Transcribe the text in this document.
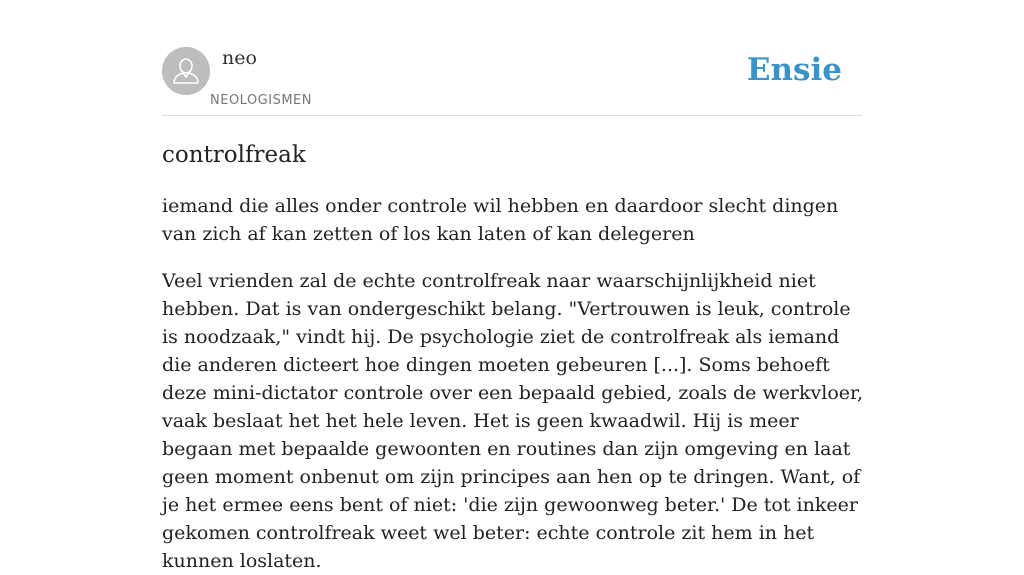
neo
NEOLOGISMEN
Ensie
controlfreak

iemand die alles onder controle wil hebben en daardoor slecht dingen van zich af kan zetten of los kan laten of kan delegeren

Veel vrienden zal de echte controlfreak naar waarschijnlijkheid niet hebben. Dat is van ondergeschikt belang. "Vertrouwen is leuk, controle is noodzaak," vindt hij. De psychologie ziet de controlfreak als iemand die anderen dicteert hoe dingen moeten gebeuren [...]. Soms behoeft deze mini-dictator controle over een bepaald gebied, zoals de werkvloer, vaak beslaat het het hele leven. Het is geen kwaadwil. Hij is meer begaan met bepaalde gewoonten en routines dan zijn omgeving en laat geen moment onbenut om zijn principes aan hen op te dringen. Want, of je het ermee eens bent of niet: 'die zijn gewoonweg beter.' De tot inkeer gekomen controlfreak weet wel beter: echte controle zit hem in het kunnen loslaten.
